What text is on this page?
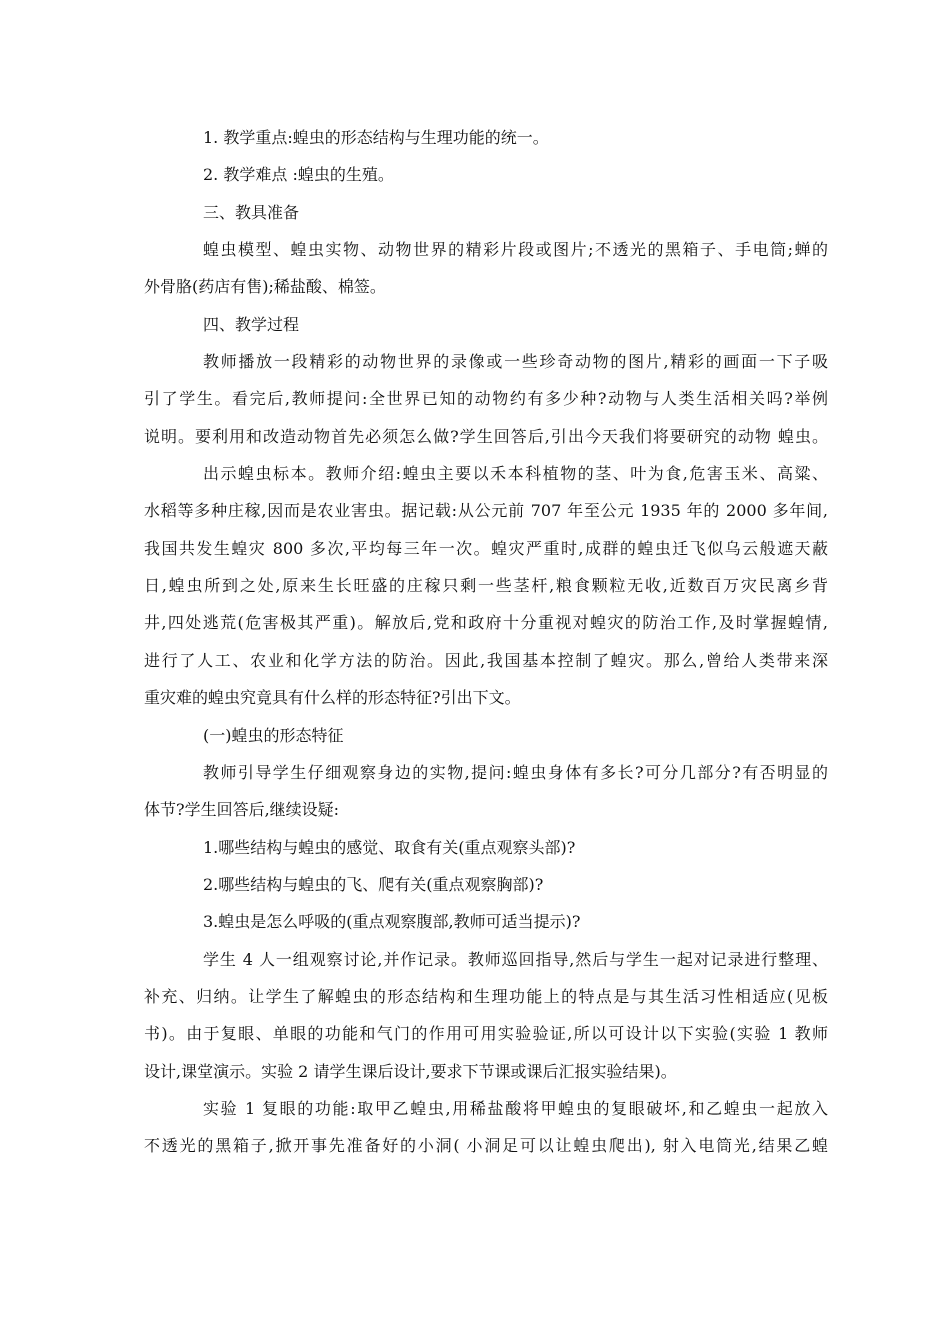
1. 教学重点:蝗虫的形态结构与生理功能的统一。
2. 教学难点 :蝗虫的生殖。
三、教具准备
蝗虫模型、蝗虫实物、动物世界的精彩片段或图片;不透光的黑箱子、手电筒;蝉的
外骨胳(药店有售);稀盐酸、棉签。
四、教学过程
教师播放一段精彩的动物世界的录像或一些珍奇动物的图片,精彩的画面一下子吸
引了学生。看完后,教师提问:全世界已知的动物约有多少种?动物与人类生活相关吗?举例
说明。要利用和改造动物首先必须怎么做?学生回答后,引出今天我们将要研究的动物 蝗虫。
出示蝗虫标本。教师介绍:蝗虫主要以禾本科植物的茎、叶为食,危害玉米、高粱、
水稻等多种庄稼,因而是农业害虫。据记载:从公元前 707 年至公元 1935 年的 2000 多年间,
我国共发生蝗灾 800 多次,平均每三年一次。蝗灾严重时,成群的蝗虫迁飞似乌云般遮天蔽
日,蝗虫所到之处,原来生长旺盛的庄稼只剩一些茎杆,粮食颗粒无收,近数百万灾民离乡背
井,四处逃荒(危害极其严重)。解放后,党和政府十分重视对蝗灾的防治工作,及时掌握蝗情,
进行了人工、农业和化学方法的防治。因此,我国基本控制了蝗灾。那么,曾给人类带来深
重灾难的蝗虫究竟具有什么样的形态特征?引出下文。
(一)蝗虫的形态特征
教师引导学生仔细观察身边的实物,提问:蝗虫身体有多长?可分几部分?有否明显的
体节?学生回答后,继续设疑:
1.哪些结构与蝗虫的感觉、取食有关(重点观察头部)?
2.哪些结构与蝗虫的飞、爬有关(重点观察胸部)?
3.蝗虫是怎么呼吸的(重点观察腹部,教师可适当提示)?
学生 4 人一组观察讨论,并作记录。教师巡回指导,然后与学生一起对记录进行整理、
补充、归纳。让学生了解蝗虫的形态结构和生理功能上的特点是与其生活习性相适应(见板
书)。由于复眼、单眼的功能和气门的作用可用实验验证,所以可设计以下实验(实验 1 教师
设计,课堂演示。实验 2 请学生课后设计,要求下节课或课后汇报实验结果)。
实验 1 复眼的功能:取甲乙蝗虫,用稀盐酸将甲蝗虫的复眼破坏,和乙蝗虫一起放入
不透光的黑箱子,掀开事先准备好的小洞( 小洞足可以让蝗虫爬出), 射入电筒光,结果乙蝗
